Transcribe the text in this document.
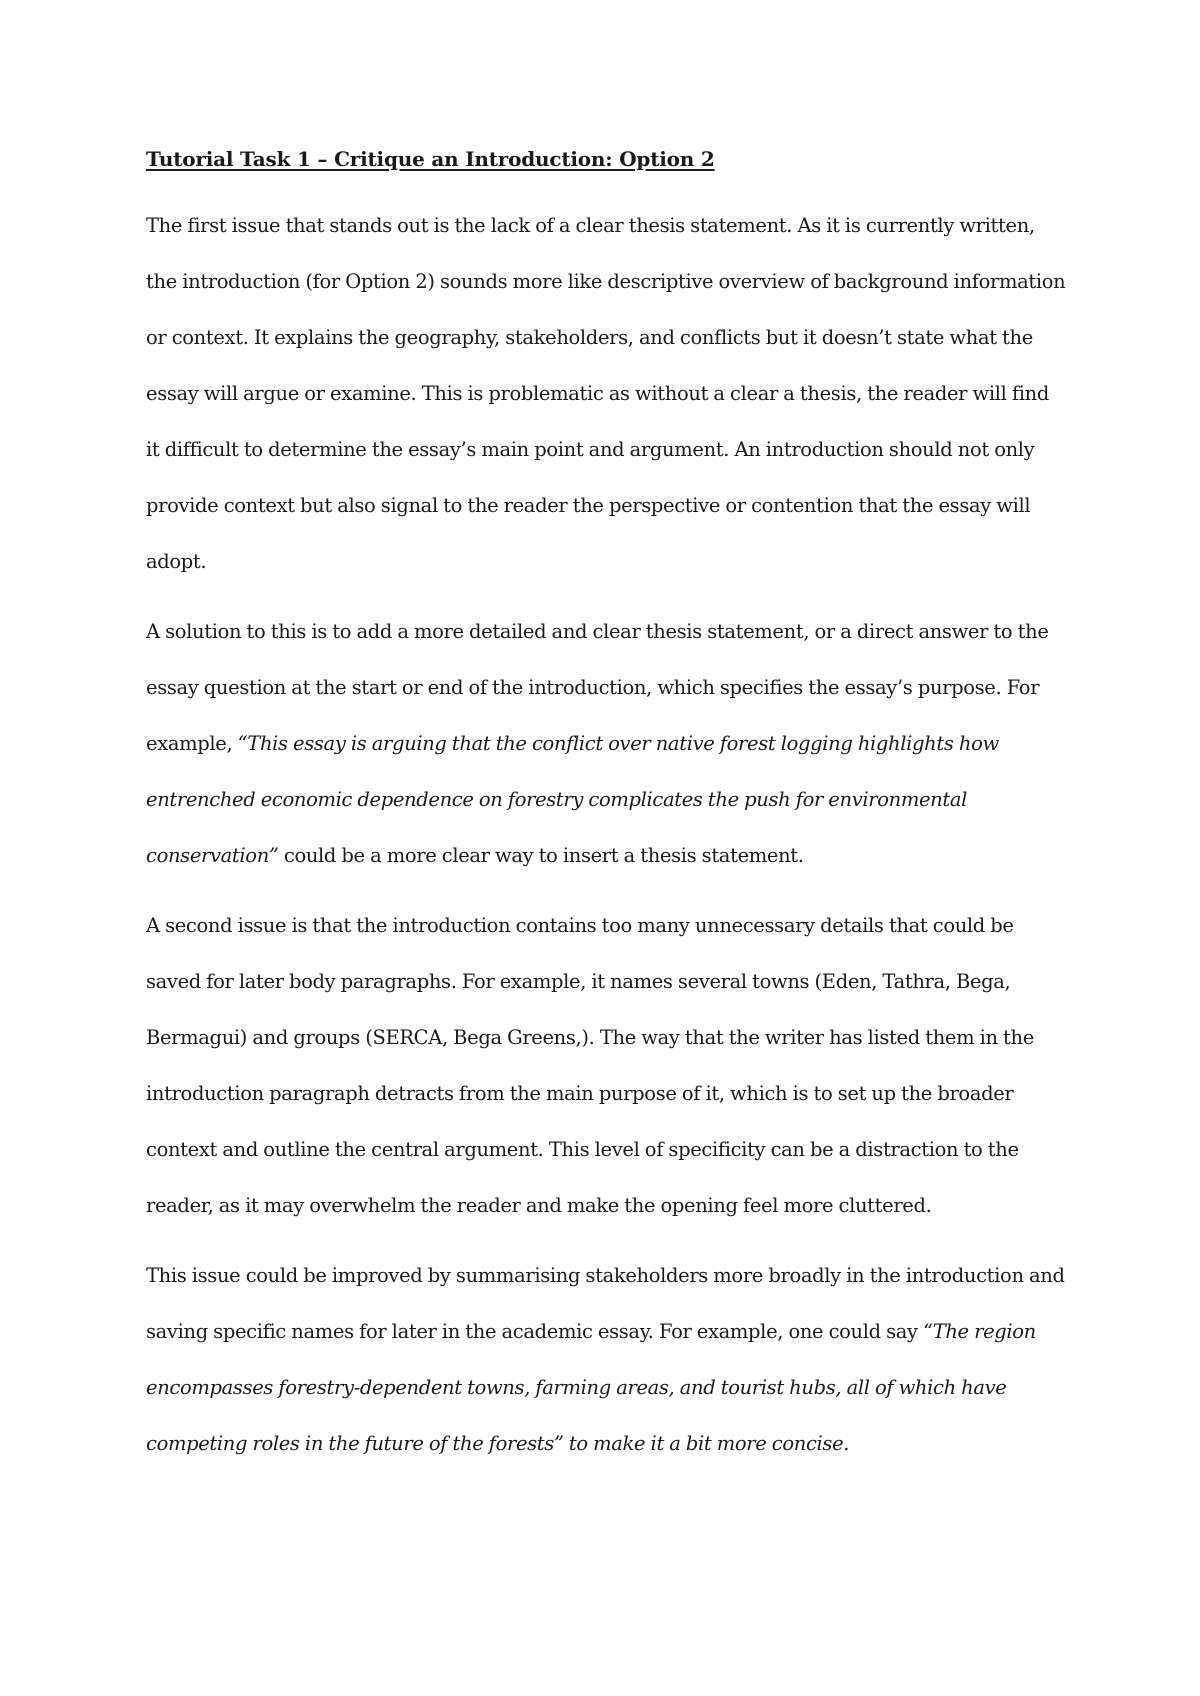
Tutorial Task 1 – Critique an Introduction: Option 2

The first issue that stands out is the lack of a clear thesis statement. As it is currently written, the introduction (for Option 2) sounds more like descriptive overview of background information or context. It explains the geography, stakeholders, and conflicts but it doesn’t state what the essay will argue or examine. This is problematic as without a clear a thesis, the reader will find it difficult to determine the essay’s main point and argument. An introduction should not only provide context but also signal to the reader the perspective or contention that the essay will adopt.

A solution to this is to add a more detailed and clear thesis statement, or a direct answer to the essay question at the start or end of the introduction, which specifies the essay’s purpose. For example, “This essay is arguing that the conflict over native forest logging highlights how entrenched economic dependence on forestry complicates the push for environmental conservation” could be a more clear way to insert a thesis statement.

A second issue is that the introduction contains too many unnecessary details that could be saved for later body paragraphs. For example, it names several towns (Eden, Tathra, Bega, Bermagui) and groups (SERCA, Bega Greens,). The way that the writer has listed them in the introduction paragraph detracts from the main purpose of it, which is to set up the broader context and outline the central argument. This level of specificity can be a distraction to the reader, as it may overwhelm the reader and make the opening feel more cluttered.

This issue could be improved by summarising stakeholders more broadly in the introduction and saving specific names for later in the academic essay. For example, one could say “The region encompasses forestry-dependent towns, farming areas, and tourist hubs, all of which have competing roles in the future of the forests” to make it a bit more concise.
